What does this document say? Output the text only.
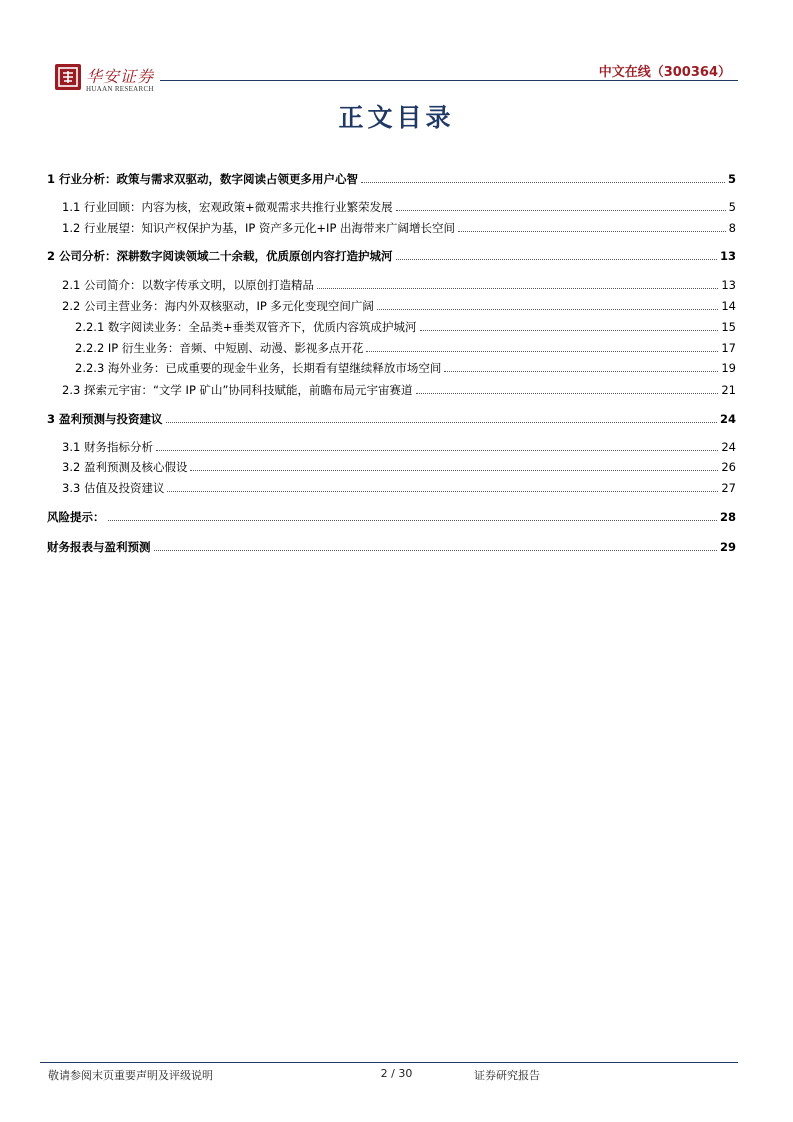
华安证券
HUAAN RESEARCH
中文在线（300364）
正文目录
1 行业分析：政策与需求双驱动，数字阅读占领更多用户心智	5
1.1 行业回顾：内容为核，宏观政策+微观需求共推行业繁荣发展	5
1.2 行业展望：知识产权保护为基，IP 资产多元化+IP 出海带来广阔增长空间	8
2 公司分析：深耕数字阅读领域二十余载，优质原创内容打造护城河	13
2.1 公司简介：以数字传承文明，以原创打造精品	13
2.2 公司主营业务：海内外双核驱动，IP 多元化变现空间广阔	14
2.2.1 数字阅读业务：全品类+垂类双管齐下，优质内容筑成护城河	15
2.2.2 IP 衍生业务：音频、中短剧、动漫、影视多点开花	17
2.2.3 海外业务：已成重要的现金牛业务，长期看有望继续释放市场空间	19
2.3 探索元宇宙：“文学 IP 矿山”协同科技赋能，前瞻布局元宇宙赛道	21
3 盈利预测与投资建议	24
3.1 财务指标分析	24
3.2 盈利预测及核心假设	26
3.3 估值及投资建议	27
风险提示：	28
财务报表与盈利预测	29
敬请参阅末页重要声明及评级说明	2 / 30	证券研究报告
